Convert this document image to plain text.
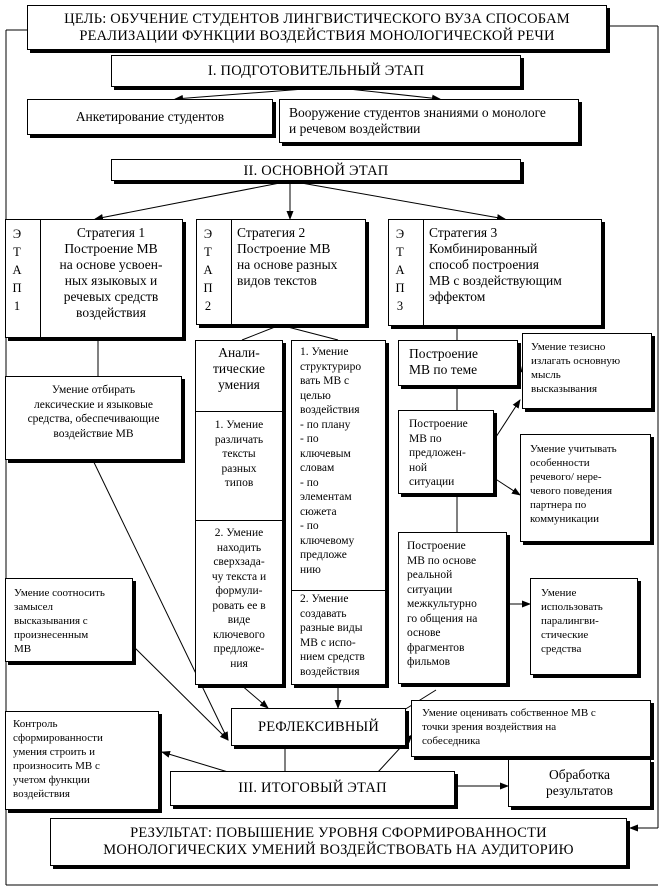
ЦЕЛЬ: ОБУЧЕНИЕ СТУДЕНТОВ ЛИНГВИСТИЧЕСКОГО ВУЗА СПОСОБАМ
РЕАЛИЗАЦИИ ФУНКЦИИ ВОЗДЕЙСТВИЯ МОНОЛОГИЧЕСКОЙ РЕЧИ
I. ПОДГОТОВИТЕЛЬНЫЙ ЭТАП
Анкетирование студентов	Вооружение студентов знаниями о монологе
и речевом воздействии
II. ОСНОВНОЙ ЭТАП
Э
Т
А
П
1
Стратегия 1
Построение МВ
на основе усвоен-
ных языковых и
речевых средств
воздействия
Э
Т
А
П
2
Стратегия 2
Построение МВ
на основе разных
видов текстов
Э
Т
А
П
3
Стратегия 3
Комбинированный
способ построения
МВ с воздействующим
эффектом
Умение отбирать
лексические и языковые
средства, обеспечивающие
воздействие МВ
Анали-
тические
умения
1. Умение
различать
тексты
разных
типов
2. Умение
находить
сверхзада-
чу текста и
формули-
ровать ее в
виде
ключевого
предложе-
ния
1. Умение
структуриро
вать МВ с
целью
воздействия
- по плану
- по
ключевым
словам
- по
элементам
сюжета
- по
ключевому
предложе
нию
2. Умение
создавать
разные виды
МВ с испо-
нием средств
воздействия
Построение
МВ по теме
Построение
МВ по
предложен-
ной
ситуации
Построение
МВ по основе
реальной
ситуации
межкультурно
го общения на
основе
фрагментов
фильмов
Умение тезисно
излагать основную
мысль
высказывания
Умение учитывать
особенности
речевого/ нере-
чевого поведения
партнера по
коммуникации
Умение
использовать
паралингви-
стические
средства
Умение соотносить
замысел
высказывания с
произнесенным
МВ
РЕФЛЕКСИВНЫЙ
Умение оценивать собственное МВ с
точки зрения воздействия на
собеседника
Контроль
сформированности
умения строить и
произносить МВ с
учетом функции
воздействия	III. ИТОГОВЫЙ ЭТАП
Обработка
результатов
РЕЗУЛЬТАТ: ПОВЫШЕНИЕ УРОВНЯ СФОРМИРОВАННОСТИ
МОНОЛОГИЧЕСКИХ УМЕНИЙ ВОЗДЕЙСТВОВАТЬ НА АУДИТОРИЮ
